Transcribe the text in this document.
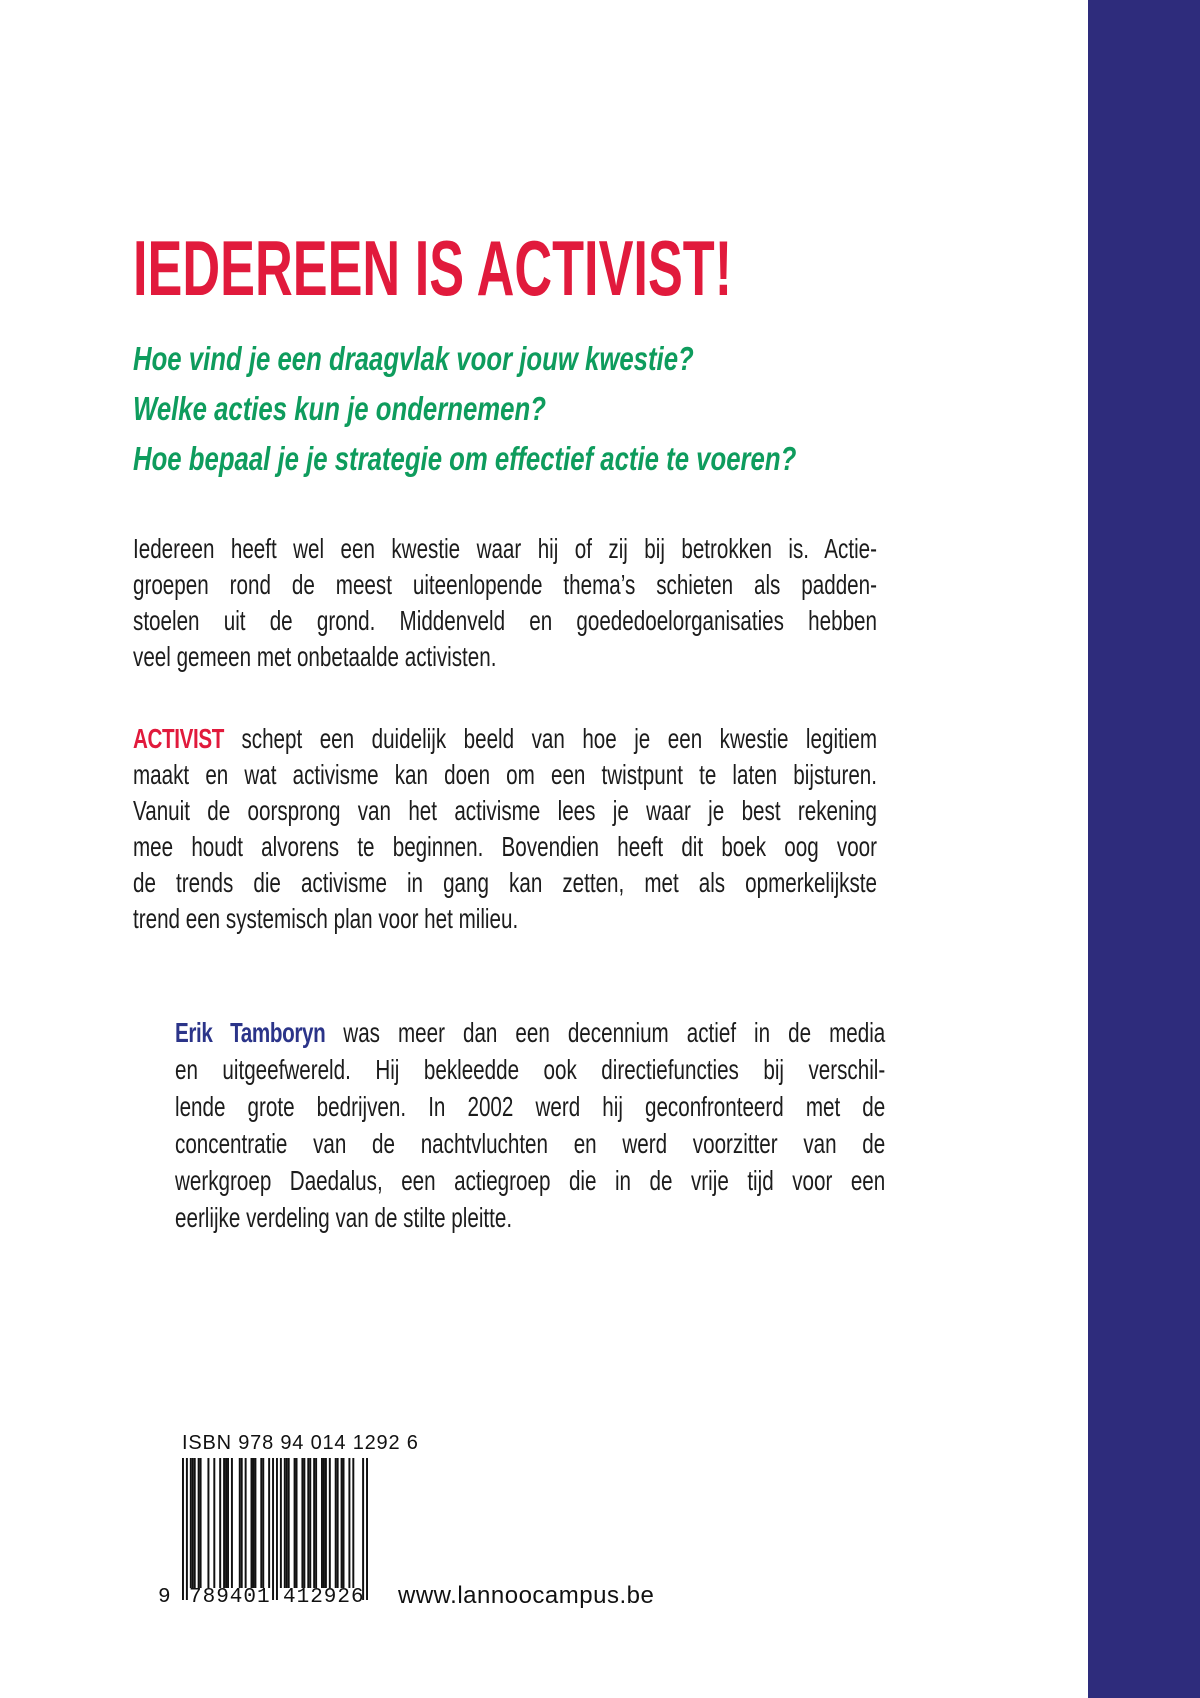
IEDEREEN IS ACTIVIST!
Hoe vind je een draagvlak voor jouw kwestie?
Welke acties kun je ondernemen?
Hoe bepaal je je strategie om effectief actie te voeren?
Iedereen heeft wel een kwestie waar hij of zij bij betrokken is. Actie-
groepen rond de meest uiteenlopende thema’s schieten als padden-
stoelen uit de grond. Middenveld en goededoelorganisaties hebben
veel gemeen met onbetaalde activisten.
ACTIVIST schept een duidelijk beeld van hoe je een kwestie legitiem
maakt en wat activisme kan doen om een twistpunt te laten bijsturen.
Vanuit de oorsprong van het activisme lees je waar je best rekening
mee houdt alvorens te beginnen. Bovendien heeft dit boek oog voor
de trends die activisme in gang kan zetten, met als opmerkelijkste
trend een systemisch plan voor het milieu.
Erik Tamboryn was meer dan een decennium actief in de media
en uitgeefwereld. Hij bekleedde ook directiefuncties bij verschil-
lende grote bedrijven. In 2002 werd hij geconfronteerd met de
concentratie van de nachtvluchten en werd voorzitter van de
werkgroep Daedalus, een actiegroep die in de vrije tijd voor een
eerlijke verdeling van de stilte pleitte.
ISBN 978 94 014 1292 6
9 789401 412926 www.lannoocampus.be
